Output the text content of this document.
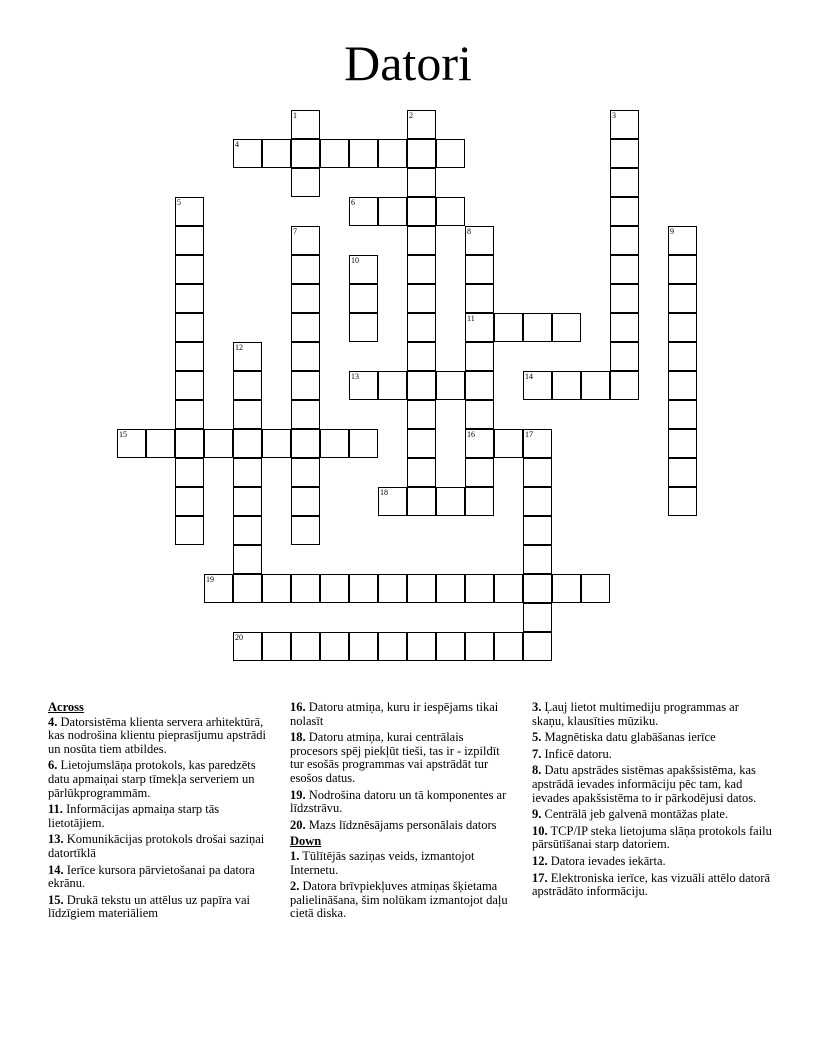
Datori
1	2	3
4
5	6
7	8	9
10
11
12
13	14
15	16	17
18
19
20
Across
4. Datorsistēma klienta servera arhitektūrā, kas nodrošina klientu pieprasījumu apstrādi un nosūta tiem atbildes.
6. Lietojumslāņa protokols, kas paredzēts datu apmaiņai starp tīmekļa serveriem un pārlūkprogrammām.
11. Informācijas apmaiņa starp tās lietotājiem.
13. Komunikācijas protokols drošai saziņai datortīklā
14. Ierīce kursora pārvietošanai pa datora ekrānu.
15. Drukā tekstu un attēlus uz papīra vai līdzīgiem materiāliem
16. Datoru atmiņa, kuru ir iespējams tikai nolasīt
18. Datoru atmiņa, kurai centrālais procesors spēj piekļūt tieši, tas ir - izpildīt tur esošās programmas vai apstrādāt tur esošos datus.
19. Nodrošina datoru un tā komponentes ar līdzstrāvu.
20. Mazs līdznēsājams personālais dators
Down
1. Tūlītējās saziņas veids, izmantojot Internetu.
2. Datora brīvpiekļuves atmiņas šķietama palielināšana, šim nolūkam izmantojot daļu cietā diska.
3. Ļauj lietot multimediju programmas ar skaņu, klausīties mūziku.
5. Magnētiska datu glabāšanas ierīce
7. Inficē datoru.
8. Datu apstrādes sistēmas apakšsistēma, kas apstrādā ievades informāciju pēc tam, kad ievades apakšsistēma to ir pārkodējusi datos.
9. Centrālā jeb galvenā montāžas plate.
10. TCP/IP steka lietojuma slāņa protokols failu pārsūtīšanai starp datoriem.
12. Datora ievades iekārta.
17. Elektroniska ierīce, kas vizuāli attēlo datorā apstrādāto informāciju.
